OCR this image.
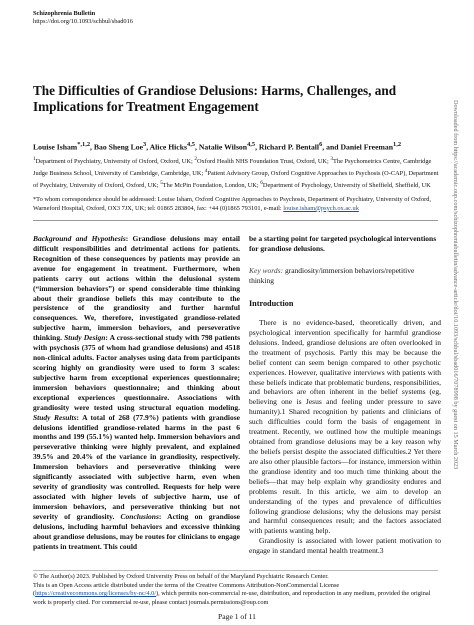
Schizophrenia Bulletin
https://doi.org/10.1093/schbul/sbad016
The Difficulties of Grandiose Delusions: Harms, Challenges, and Implications for Treatment Engagement
Louise Isham$^{*,1,2}$, Bao Sheng Loe$^3$, Alice Hicks$^{4,5}$, Natalie Wilson$^{4,5}$, Richard P. Bentall$^6$, and Daniel Freeman$^{1,2}$
$^1$Department of Psychiatry, University of Oxford, Oxford, UK; $^2$Oxford Health NHS Foundation Trust, Oxford, UK; $^3$The Psychometrics Centre, Cambridge Judge Business School, University of Cambridge, Cambridge, UK; $^4$Patient Advisory Group, Oxford Cognitive Approaches to Psychosis (O-CAP), Department of Psychiatry, University of Oxford, Oxford, UK; $^5$The McPin Foundation, London, UK; $^6$Department of Psychology, University of Sheffield, Sheffield, UK
*To whom correspondence should be addressed: Louise Isham, Oxford Cognitive Approaches to Psychosis, Department of Psychiatry, University of Oxford, Warneford Hospital, Oxford, OX3 7JX, UK; tel: 01865 283804, fax: +44 (0)1865 793101, e-mail: louise.isham@psych.ox.ac.uk
Background and Hypothesis: Grandiose delusions may entail difficult responsibilities and detrimental actions for patients. Recognition of these consequences by patients may provide an avenue for engagement in treatment. Furthermore, when patients carry out actions within the delusional system (“immersion behaviors”) or spend considerable time thinking about their grandiose beliefs this may contribute to the persistence of the grandiosity and further harmful consequences. We, therefore, investigated grandiose-related subjective harm, immersion behaviors, and perseverative thinking. Study Design: A cross-sectional study with 798 patients with psychosis (375 of whom had grandiose delusions) and 4518 non-clinical adults. Factor analyses using data from participants scoring highly on grandiosity were used to form 3 scales: subjective harm from exceptional experiences questionnaire; immersion behaviors questionnaire; and thinking about exceptional experiences questionnaire. Associations with grandiosity were tested using structural equation modeling. Study Results: A total of 268 (77.9%) patients with grandiose delusions identified grandiose-related harms in the past 6 months and 199 (55.1%) wanted help. Immersion behaviors and perseverative thinking were highly prevalent, and explained 39.5% and 20.4% of the variance in grandiosity, respectively. Immersion behaviors and perseverative thinking were significantly associated with subjective harm, even when severity of grandiosity was controlled. Requests for help were associated with higher levels of subjective harm, use of immersion behaviors, and perseverative thinking but not severity of grandiosity. Conclusions: Acting on grandiose delusions, including harmful behaviors and excessive thinking about grandiose delusions, may be routes for clinicians to engage patients in treatment. This could
be a starting point for targeted psychological interventions for grandiose delusions.
Key words: grandiosity/immersion behaviors/repetitive thinking
Introduction

There is no evidence-based, theoretically driven, and psychological intervention specifically for harmful grandiose delusions. Indeed, grandiose delusions are often overlooked in the treatment of psychosis. Partly this may be because the belief content can seem benign compared to other psychotic experiences. However, qualitative interviews with patients with these beliefs indicate that problematic burdens, responsibilities, and behaviors are often inherent in the belief systems (eg, believing one is Jesus and feeling under pressure to save humanity).1 Shared recognition by patients and clinicians of such difficulties could form the basis of engagement in treatment. Recently, we outlined how the multiple meanings obtained from grandiose delusions may be a key reason why the beliefs persist despite the associated difficulties.2 Yet there are also other plausible factors—for instance, immersion within the grandiose identity and too much time thinking about the beliefs—that may help explain why grandiosity endures and problems result. In this article, we aim to develop an understanding of the types and prevalence of difficulties following grandiose delusions; why the delusions may persist and harmful consequences result; and the factors associated with patients wanting help.

Grandiosity is associated with lower patient motivation to engage in standard mental health treatment.3

Downloaded from https://academic.oup.com/schizophreniabulletin/advance-article/doi/10.1093/schbul/sbad016/7078998 by guest on 15 March 2023
© The Author(s) 2023. Published by Oxford University Press on behalf of the Maryland Psychiatric Research Center.
This is an Open Access article distributed under the terms of the Creative Commons Attribution-NonCommercial License (https://creativecommons.org/licenses/by-nc/4.0/), which permits non-commercial re-use, distribution, and reproduction in any medium, provided the original work is properly cited. For commercial re-use, please contact journals.permissions@oup.com
Page 1 of 11
